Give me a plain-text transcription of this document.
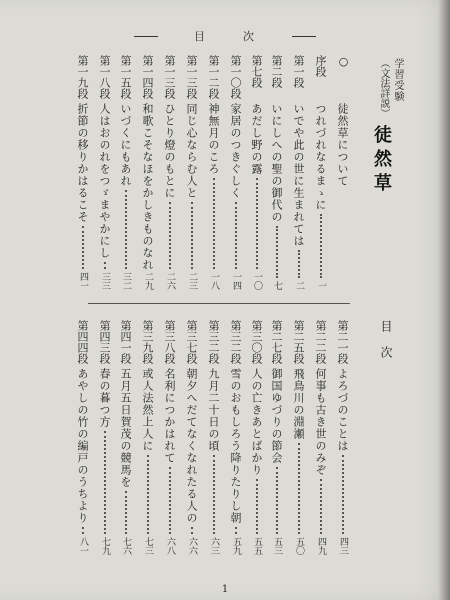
目	次
学習受験
（文法詳説）
徒然草
目次
○
徒然草について
序段
つれづれなるまゝに
一
第一段
いでや此の世に生まれては
二
第二段
いにしへの聖の御代の
七
第七段
あだし野の露
一〇
第一〇段
家居のつきぐしく
一四
第一二段
神無月のころ
一八
第一三段
同じ心ならむ人と
二三
第一三段
ひとり燈のもとに
二六
第一四段
和歌こそなほをかしきものなれ
二九
第一五段
いづくにもあれ
三二
第一八段
人はおのれをつゞまやかにし
三三
第一九段
折節の移りかはるこそ
四一
第二一段
よろづのことは
四三
第二二段
何事も古き世のみぞ
四九
第二五段
飛鳥川の淵瀬
五〇
第二七段
御国ゆづりの節会
五三
第三〇段
人の亡きあとばかり
五五
第三二段
雪のおもしろう降りたりし朝
五九
第三二段
九月二十日の頃
六三
第三七段
朝夕へだてなくなれたる人の
六六
第三八段
名利につかはれて
六八
第三九段
或人法然上人に
七三
第四一段
五月五日賀茂の競馬を
七六
第四三段
春の暮つ方
七九
第四四段
あやしの竹の編戸のうちより
八一
1
